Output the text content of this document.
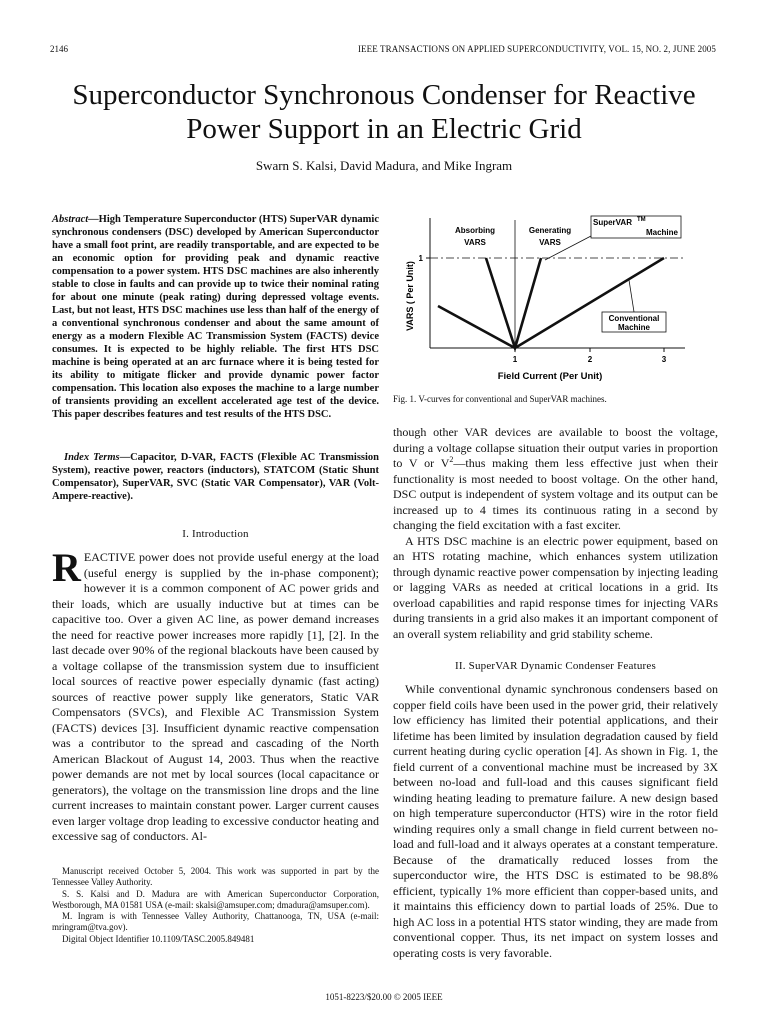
2146	IEEE TRANSACTIONS ON APPLIED SUPERCONDUCTIVITY, VOL. 15, NO. 2, JUNE 2005
Superconductor Synchronous Condenser for Reactive
Power Support in an Electric Grid
Swarn S. Kalsi, David Madura, and Mike Ingram
Abstract—High Temperature Superconductor (HTS) SuperVAR dynamic synchronous condensers (DSC) developed by American Superconductor have a small foot print, are readily transportable, and are expected to be an economic option for providing peak and dynamic reactive compensation to a power system. HTS DSC machines are also inherently stable to close in faults and can provide up to twice their nominal rating for about one minute (peak rating) during depressed voltage events. Last, but not least, HTS DSC machines use less than half of the energy of a conventional synchronous condenser and about the same amount of energy as a modern Flexible AC Transmission System (FACTS) device consumes. It is expected to be highly reliable. The first HTS DSC machine is being operated at an arc furnace where it is being tested for its ability to mitigate flicker and provide dynamic power factor compensation. This location also exposes the machine to a large number of transients providing an excellent accelerated age test of the device. This paper describes features and test results of the HTS DSC.
Index Terms—Capacitor, D-VAR, FACTS (Flexible AC Transmission System), reactive power, reactors (inductors), STATCOM (Static Shunt Compensator), SuperVAR, SVC (Static VAR Compensator), VAR (Volt-Ampere-reactive).
I. Introduction
REACTIVE power does not provide useful energy at the load (useful energy is supplied by the in-phase component); however it is a common component of AC power grids and their loads, which are usually inductive but at times can be capacitive too. Over a given AC line, as power demand increases the need for reactive power increases more rapidly [1], [2]. In the last decade over 90% of the regional blackouts have been caused by a voltage collapse of the transmission system due to insufficient local sources of reactive power especially dynamic (fast acting) sources of reactive power supply like generators, Static VAR Compensators (SVCs), and Flexible AC Transmission System (FACTS) devices [3]. Insufficient dynamic reactive compensation was a contributor to the spread and cascading of the North American Blackout of August 14, 2003. Thus when the reactive power demands are not met by local sources (local capacitance or generators), the voltage on the transmission line drops and the line current increases to maintain constant power. Larger current causes even larger voltage drop leading to excessive conductor heating and excessive sag of conductors. Al-

Manuscript received October 5, 2004. This work was supported in part by the Tennessee Valley Authority.

S. S. Kalsi and D. Madura are with American Superconductor Corporation, Westborough, MA 01581 USA (e-mail: skalsi@amsuper.com; dmadura@amsuper.com).

M. Ingram is with Tennessee Valley Authority, Chattanooga, TN, USA (e-mail: mringram@tva.gov).

Digital Object Identifier 10.1109/TASC.2005.849481

VARS ( Per Unit)
1
1	2	3
Field Current (Per Unit)
Absorbing
VARS
Generating
VARS
SuperVAR TM
Machine
Conventional
Machine
Fig. 1. V-curves for conventional and SuperVAR machines.

though other VAR devices are available to boost the voltage, during a voltage collapse situation their output varies in proportion to V or $V^2—thus$ making them less effective just when their functionality is most needed to boost voltage. On the other hand, DSC output is independent of system voltage and its output can be increased up to 4 times its continuous rating in a second by changing the field excitation with a fast exciter.

A HTS DSC machine is an electric power equipment, based on an HTS rotating machine, which enhances system utilization through dynamic reactive power compensation by injecting leading or lagging VARs as needed at critical locations in a grid. Its overload capabilities and rapid response times for injecting VARs during transients in a grid also makes it an important component of an overall system reliability and grid stability scheme.

II. SuperVAR Dynamic Condenser Features
While conventional dynamic synchronous condensers based on copper field coils have been used in the power grid, their relatively low efficiency has limited their potential applications, and their lifetime has been limited by insulation degradation caused by field current heating during cyclic operation [4]. As shown in Fig. 1, the field current of a conventional machine must be increased by 3X between no-load and full-load and this causes significant field winding heating leading to premature failure. A new design based on high temperature superconductor (HTS) wire in the rotor field winding requires only a small change in field current between no-load and full-load and it always operates at a constant temperature. Because of the dramatically reduced losses from the superconductor wire, the HTS DSC is estimated to be 98.8% efficient, typically 1% more efficient than copper-based units, and it maintains this efficiency down to partial loads of 25%. Due to high AC loss in a potential HTS stator winding, they are made from conventional copper. Thus, its net impact on system losses and operating costs is very favorable.
1051-8223/$20.00 © 2005 IEEE
